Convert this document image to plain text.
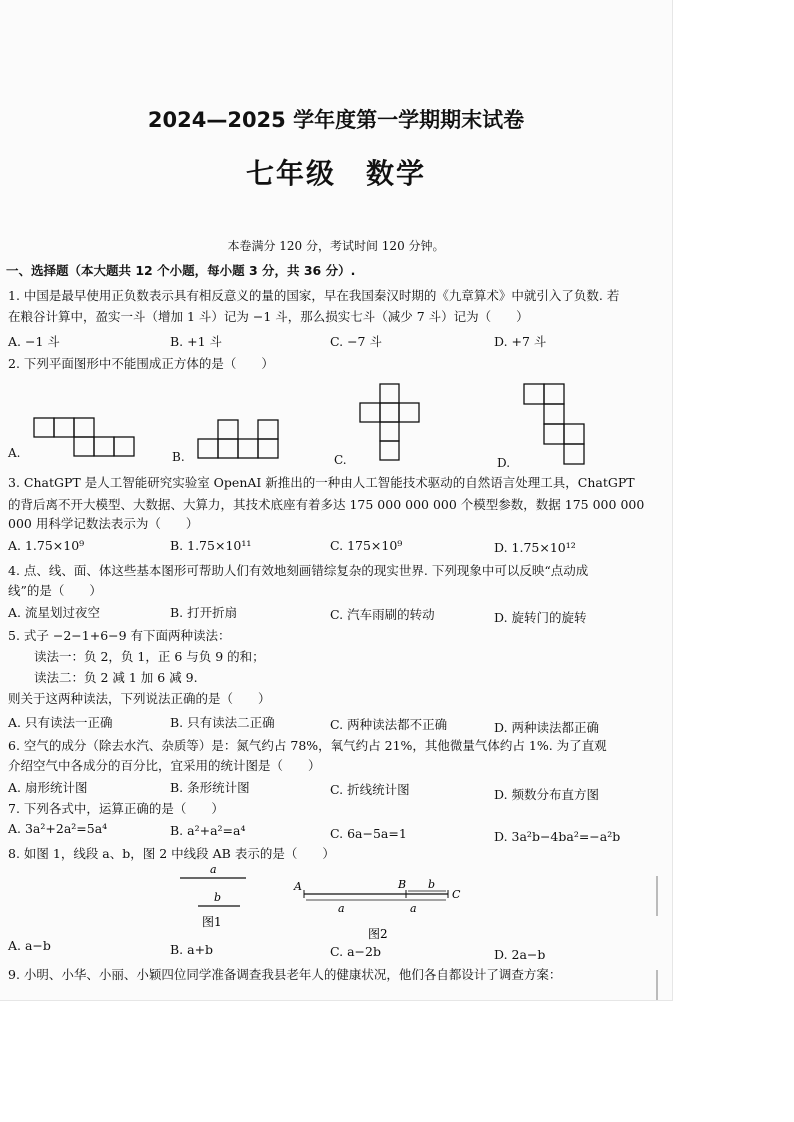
2024—2025 学年度第一学期期末试卷
七年级 数学
本卷满分 120 分，考试时间 120 分钟。
一、选择题（本大题共 12 个小题，每小题 3 分，共 36 分）.
1. 中国是最早使用正负数表示具有相反意义的量的国家，早在我国秦汉时期的《九章算术》中就引入了负数. 若
在粮谷计算中，盈实一斗（增加 1 斗）记为 −1 斗，那么损实七斗（减少 7 斗）记为（　　）
A. −1 斗	B. +1 斗	C. −7 斗	D. +7 斗
2. 下列平面图形中不能围成正方体的是（　　）
A.	B.	C.	D.
3. ChatGPT 是人工智能研究实验室 OpenAI 新推出的一种由人工智能技术驱动的自然语言处理工具，ChatGPT
的背后离不开大模型、大数据、大算力，其技术底座有着多达 175 000 000 000 个模型参数，数据 175 000 000
000 用科学记数法表示为（　　）
A. 1.75×10⁹	B. 1.75×10¹¹	C. 175×10⁹	D. 1.75×10¹²
4. 点、线、面、体这些基本图形可帮助人们有效地刻画错综复杂的现实世界. 下列现象中可以反映“点动成
线”的是（　　）
A. 流星划过夜空	B. 打开折扇	C. 汽车雨刷的转动	D. 旋转门的旋转
5. 式子 −2−1+6−9 有下面两种读法：
读法一：负 2，负 1，正 6 与负 9 的和；
读法二：负 2 减 1 加 6 减 9.
则关于这两种读法，下列说法正确的是（　　）
A. 只有读法一正确	B. 只有读法二正确	C. 两种读法都不正确	D. 两种读法都正确
6. 空气的成分（除去水汽、杂质等）是：氮气约占 78%，氧气约占 21%，其他微量气体约占 1%. 为了直观
介绍空气中各成分的百分比，宜采用的统计图是（　　）
A. 扇形统计图	B. 条形统计图	C. 折线统计图	D. 频数分布直方图
7. 下列各式中，运算正确的是（　　）
A. 3a²+2a²=5a⁴	B. a²+a²=a⁴	C. 6a−5a=1	D. 3a²b−4ba²=−a²b
8. 如图 1，线段 a、b，图 2 中线段 AB 表示的是（　　）
a
b
图1
A	B
C
b
a	a
图2
A. a−b	B. a+b	C. a−2b	D. 2a−b
9. 小明、小华、小丽、小颖四位同学准备调查我县老年人的健康状况，他们各自都设计了调查方案：
